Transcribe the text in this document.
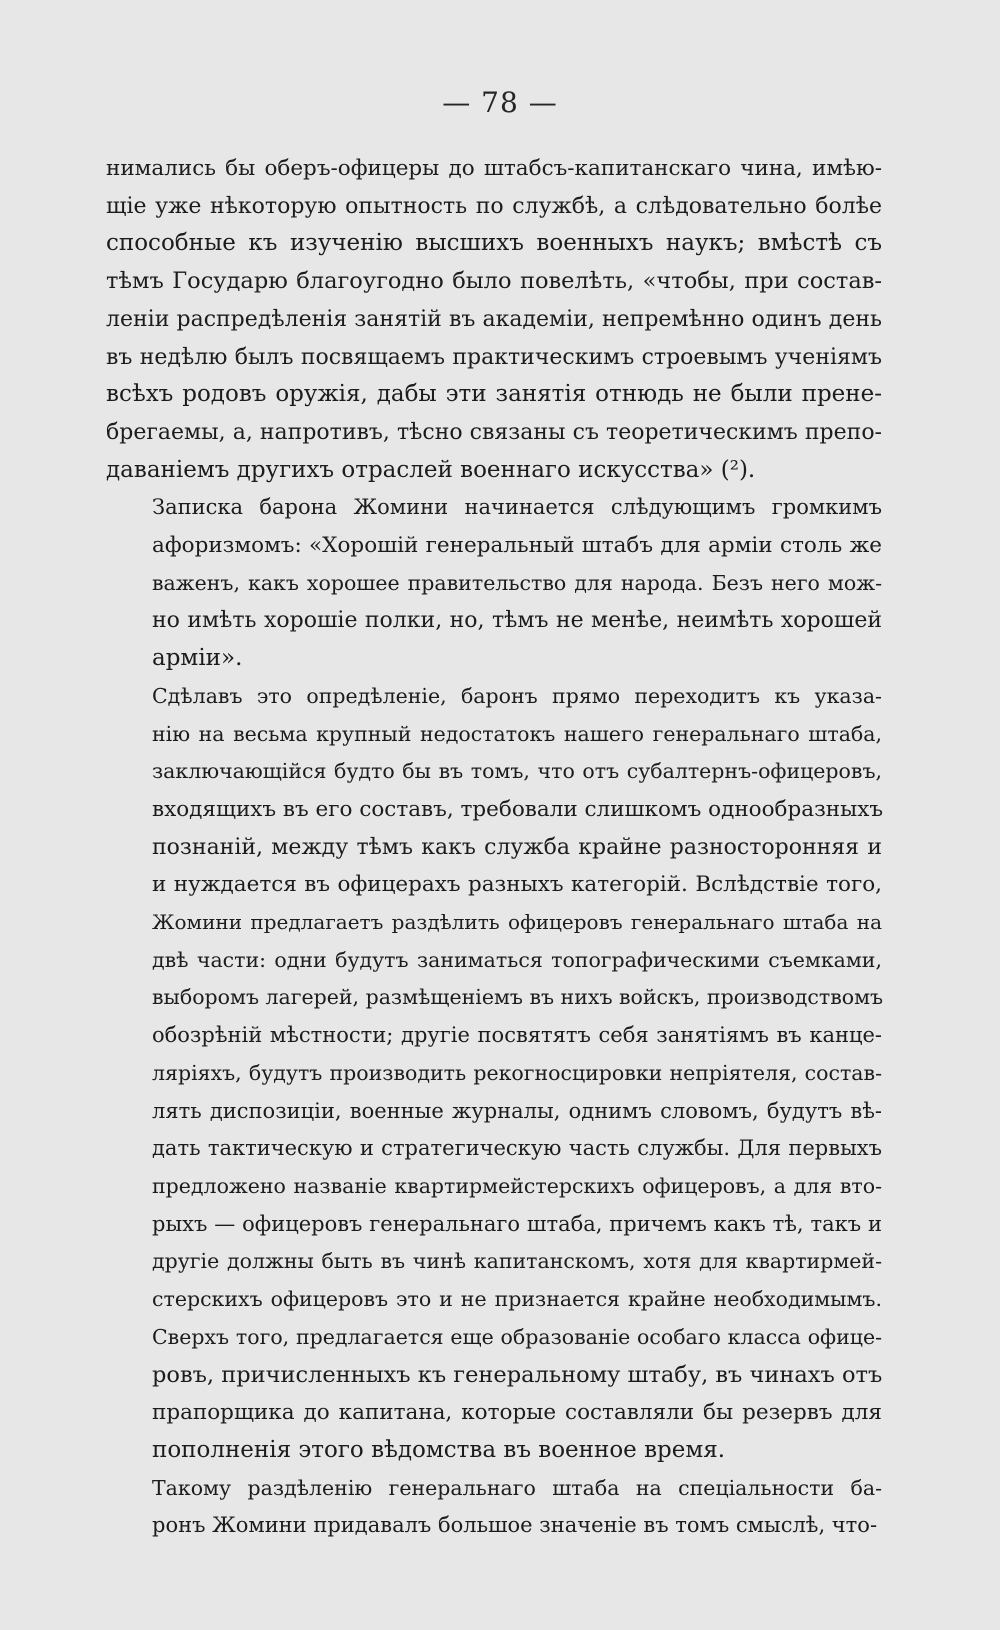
— 78 —

нимались бы оберъ-офицеры до штабсъ-капитанскаго чина, имѣю-
щіе уже нѣкоторую опытность по службѣ, а слѣдовательно болѣе
способные къ изученію высшихъ военныхъ наукъ; вмѣстѣ съ
тѣмъ Государю благоугодно было повелѣть, «чтобы, при состав-
леніи распредѣленія занятій въ академіи, непремѣнно одинъ день
въ недѣлю былъ посвящаемъ практическимъ строевымъ ученіямъ
всѣхъ родовъ оружія, дабы эти занятія отнюдь не были прене-
брегаемы, а, напротивъ, тѣсно связаны съ теоретическимъ препо-
даваніемъ другихъ отраслей военнаго искусства» (²).

Записка барона Жомини начинается слѣдующимъ громкимъ
афоризмомъ: «Хорошій генеральный штабъ для арміи столь же
важенъ, какъ хорошее правительство для народа. Безъ него мож-
но имѣть хорошіе полки, но, тѣмъ не менѣе, неимѣть хорошей
арміи».

Сдѣлавъ это опредѣленіе, баронъ прямо переходитъ къ указа-
нію на весьма крупный недостатокъ нашего генеральнаго штаба,
заключающійся будто бы въ томъ, что отъ субалтернъ-офицеровъ,
входящихъ въ его составъ, требовали слишкомъ однообразныхъ
познаній, между тѣмъ какъ служба крайне разносторонняя и
и нуждается въ офицерахъ разныхъ категорій. Вслѣдствіе того,
Жомини предлагаетъ раздѣлить офицеровъ генеральнаго штаба на
двѣ части: одни будутъ заниматься топографическими съемками,
выборомъ лагерей, размѣщеніемъ въ нихъ войскъ, производствомъ
обозрѣній мѣстности; другіе посвятятъ себя занятіямъ въ канце-
ляріяхъ, будутъ производить рекогносцировки непріятеля, состав-
лять диспозиціи, военные журналы, однимъ словомъ, будутъ вѣ-
дать тактическую и стратегическую часть службы. Для первыхъ
предложено названіе квартирмейстерскихъ офицеровъ, а для вто-
рыхъ — офицеровъ генеральнаго штаба, причемъ какъ тѣ, такъ и
другіе должны быть въ чинѣ капитанскомъ, хотя для квартирмей-
стерскихъ офицеровъ это и не признается крайне необходимымъ.
Сверхъ того, предлагается еще образованіе особаго класса офице-
ровъ, причисленныхъ къ генеральному штабу, въ чинахъ отъ
прапорщика до капитана, которые составляли бы резервъ для
пополненія этого вѣдомства въ военное время.

Такому раздѣленію генеральнаго штаба на спеціальности ба-
ронъ Жомини придавалъ большое значеніе въ томъ смыслѣ, что-
